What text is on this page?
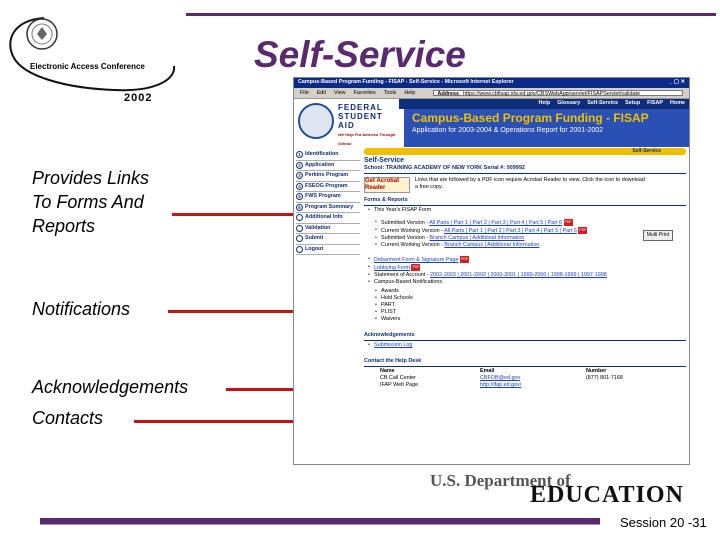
Electronic Access Conference
2002
Self-Service
Provides Links
To Forms And
Reports
Notifications
Acknowledgements
Contacts
Campus-Based Program Funding - FISAP - Self-Service - Microsoft Internet Explorer	_ ▢ ✕
File Edit View Favorites Tools Help	Address https://www.cbfisap.sfa.ed.gov/CBSWebApp/servlet/FISAPServlet/validate
FEDERAL
STUDENT AID
We Help Put America Through School
Help Glossary Self-Service Setup FISAP Home
Campus-Based Program Funding - FISAP
Application for 2003-2004 & Operations Report for 2001-2002
1 Identification
2 Application
3 Perkins Program
4 FSEOG Program
5 FWS Program
6 Program Summary
Additional Info
Validation
Submit
Logout
Self-Service
Self-Service
School: TRAINING ACADEMY OF NEW YORK Serial #: 009992
Get Acrobat Reader
Links that are followed by a PDF icon require Acrobat Reader to view. Click the icon to download a free copy.
Forms & Reports
• This Year's FISAP Form
• Submitted Version - All Parts | Part 1 | Part 2 | Part 3 | Part 4 | Part 5 | Part 6 PDF
• Current Working Version - All Parts | Part 1 | Part 2 | Part 3 | Part 4 | Part 5 | Part 6 PDF
• Submitted Version - Branch Campus | Additional Information
• Current Working Version - Branch Campus | Additional Information
• Debarment Form & Signature Page PDF
• Lobbying Form PDF
• Statement of Account - 2002-2003 | 2001-2002 | 2000-2001 | 1999-2000 | 1998-1999 | 1997-1998
• Campus-Based Notifications
• Awards
• Hold Schools
• PART
• PLIST
• Waivers
Acknowledgements
• Submission Log
Contact the Help Desk
Name	Email	Number
CB Call Center	CBFOB@ed.gov	(877) 801-7168
IFAP Web Page	http://ifap.ed.gov/
Multi Print
U.S. Department of
EDUCATION
Session 20 -31
